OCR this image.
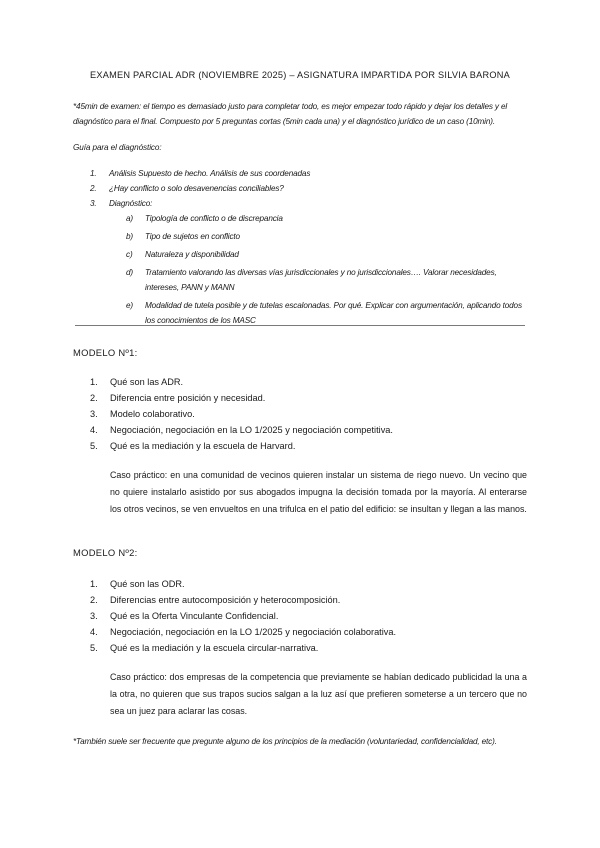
EXAMEN PARCIAL ADR (NOVIEMBRE 2025) – ASIGNATURA IMPARTIDA POR SILVIA BARONA
*45min de examen: el tiempo es demasiado justo para completar todo, es mejor empezar todo rápido y dejar los detalles y el diagnóstico para el final. Compuesto por 5 preguntas cortas (5min cada una) y el diagnóstico jurídico de un caso (10min).
Guía para el diagnóstico:
1. Análisis Supuesto de hecho. Análisis de sus coordenadas
2. ¿Hay conflicto o solo desavenencias conciliables?
3. Diagnóstico:
a) Tipología de conflicto o de discrepancia
b) Tipo de sujetos en conflicto
c) Naturaleza y disponibilidad
d) Tratamiento valorando las diversas vías jurisdiccionales y no jurisdiccionales…. Valorar necesidades, intereses, PANN y MANN
e) Modalidad de tutela posible y de tutelas escalonadas. Por qué. Explicar con argumentación, aplicando todos los conocimientos de los MASC
MODELO Nº1:
1. Qué son las ADR.
2. Diferencia entre posición y necesidad.
3. Modelo colaborativo.
4. Negociación, negociación en la LO 1/2025 y negociación competitiva.
5. Qué es la mediación y la escuela de Harvard.
Caso práctico: en una comunidad de vecinos quieren instalar un sistema de riego nuevo. Un vecino que no quiere instalarlo asistido por sus abogados impugna la decisión tomada por la mayoría. Al enterarse los otros vecinos, se ven envueltos en una trifulca en el patio del edificio: se insultan y llegan a las manos.
MODELO Nº2:
1. Qué son las ODR.
2. Diferencias entre autocomposición y heterocomposición.
3. Qué es la Oferta Vinculante Confidencial.
4. Negociación, negociación en la LO 1/2025 y negociación colaborativa.
5. Qué es la mediación y la escuela circular-narrativa.
Caso práctico: dos empresas de la competencia que previamente se habían dedicado publicidad la una a la otra, no quieren que sus trapos sucios salgan a la luz así que prefieren someterse a un tercero que no sea un juez para aclarar las cosas.
*También suele ser frecuente que pregunte alguno de los principios de la mediación (voluntariedad, confidencialidad, etc).
